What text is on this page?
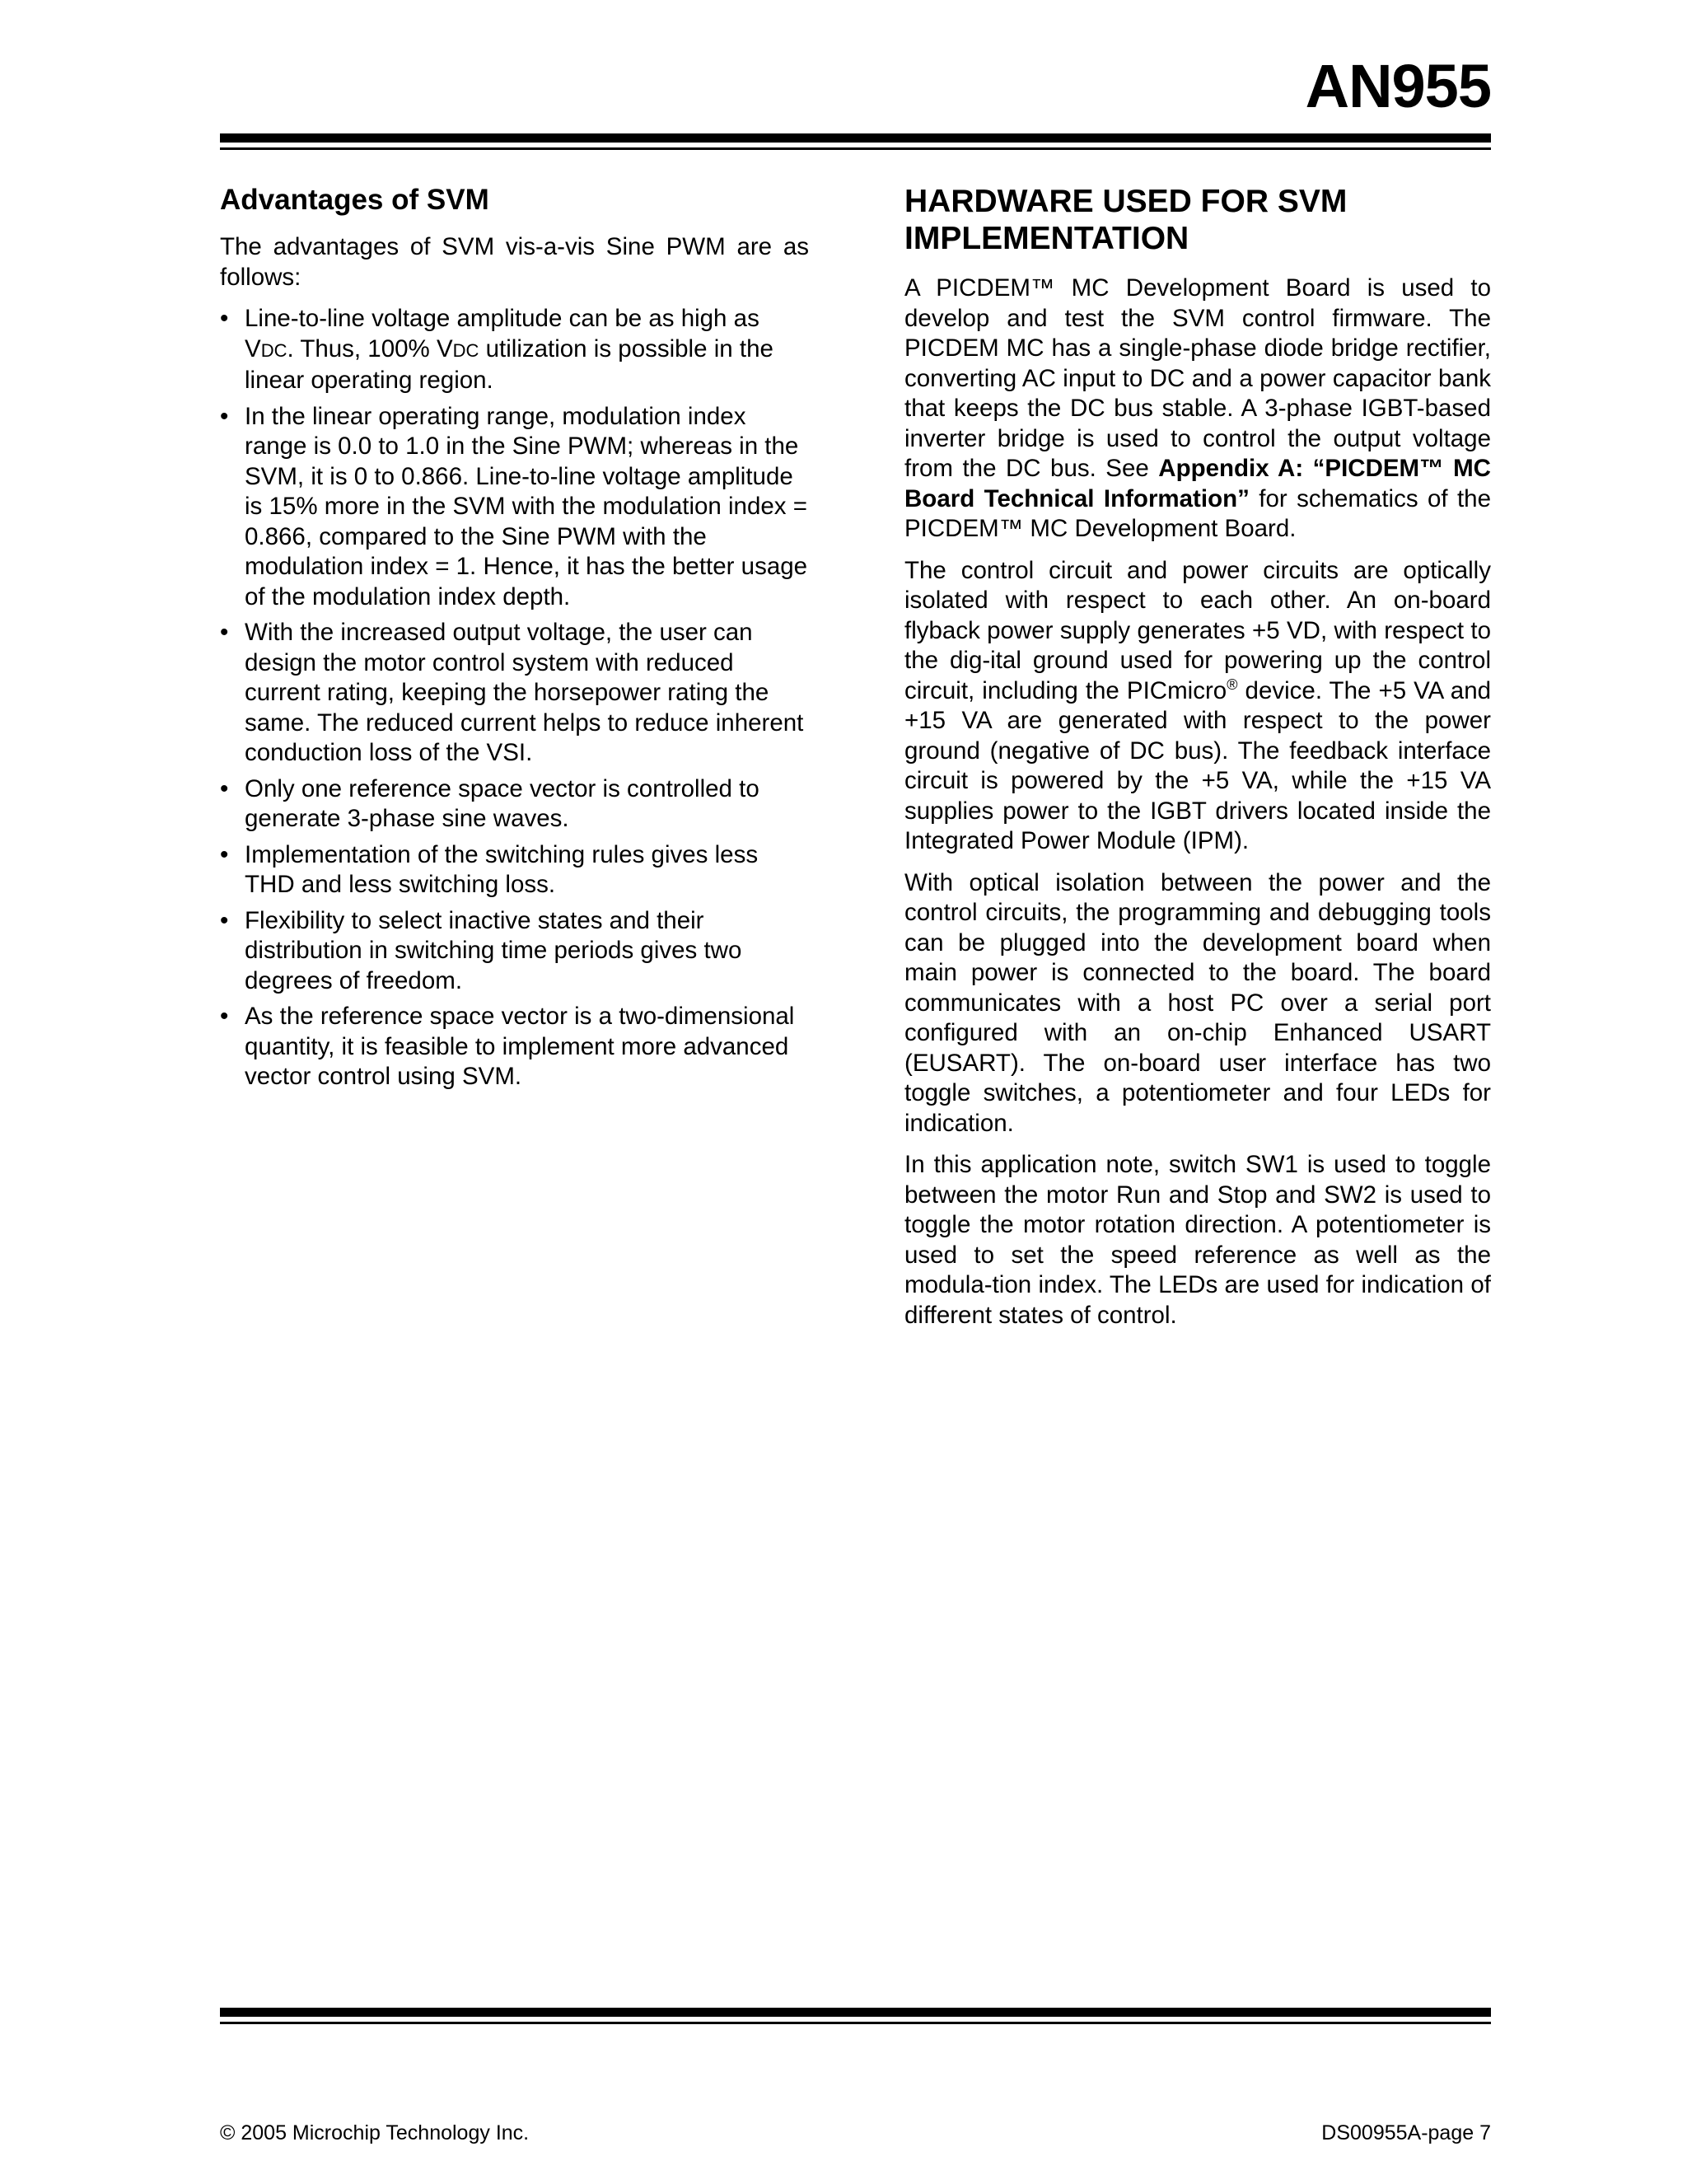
AN955
Advantages of SVM

The advantages of SVM vis-a-vis Sine PWM are as follows:

• Line-to-line voltage amplitude can be as high as VDC. Thus, 100% VDC utilization is possible in the linear operating region.
• In the linear operating range, modulation index range is 0.0 to 1.0 in the Sine PWM; whereas in the SVM, it is 0 to 0.866. Line-to-line voltage amplitude is 15% more in the SVM with the modulation index = 0.866, compared to the Sine PWM with the modulation index = 1. Hence, it has the better usage of the modulation index depth.
• With the increased output voltage, the user can design the motor control system with reduced current rating, keeping the horsepower rating the same. The reduced current helps to reduce inherent conduction loss of the VSI.
• Only one reference space vector is controlled to generate 3-phase sine waves.
• Implementation of the switching rules gives less THD and less switching loss.
• Flexibility to select inactive states and their distribution in switching time periods gives two degrees of freedom.
• As the reference space vector is a two-dimensional quantity, it is feasible to implement more advanced vector control using SVM.
HARDWARE USED FOR SVM IMPLEMENTATION

A PICDEM™ MC Development Board is used to develop and test the SVM control firmware. The PICDEM MC has a single-phase diode bridge rectifier, converting AC input to DC and a power capacitor bank that keeps the DC bus stable. A 3-phase IGBT-based inverter bridge is used to control the output voltage from the DC bus. See Appendix A: “PICDEM™ MC Board Technical Information” for schematics of the PICDEM™ MC Development Board.

The control circuit and power circuits are optically isolated with respect to each other. An on-board flyback power supply generates +5 VD, with respect to the dig-ital ground used for powering up the control circuit, including the PICmicro® device. The +5 VA and +15 VA are generated with respect to the power ground (negative of DC bus). The feedback interface circuit is powered by the +5 VA, while the +15 VA supplies power to the IGBT drivers located inside the Integrated Power Module (IPM).

With optical isolation between the power and the control circuits, the programming and debugging tools can be plugged into the development board when main power is connected to the board. The board communicates with a host PC over a serial port configured with an on-chip Enhanced USART (EUSART). The on-board user interface has two toggle switches, a potentiometer and four LEDs for indication.

In this application note, switch SW1 is used to toggle between the motor Run and Stop and SW2 is used to toggle the motor rotation direction. A potentiometer is used to set the speed reference as well as the modula-tion index. The LEDs are used for indication of different states of control.

© 2005 Microchip Technology Inc.	DS00955A-page 7
